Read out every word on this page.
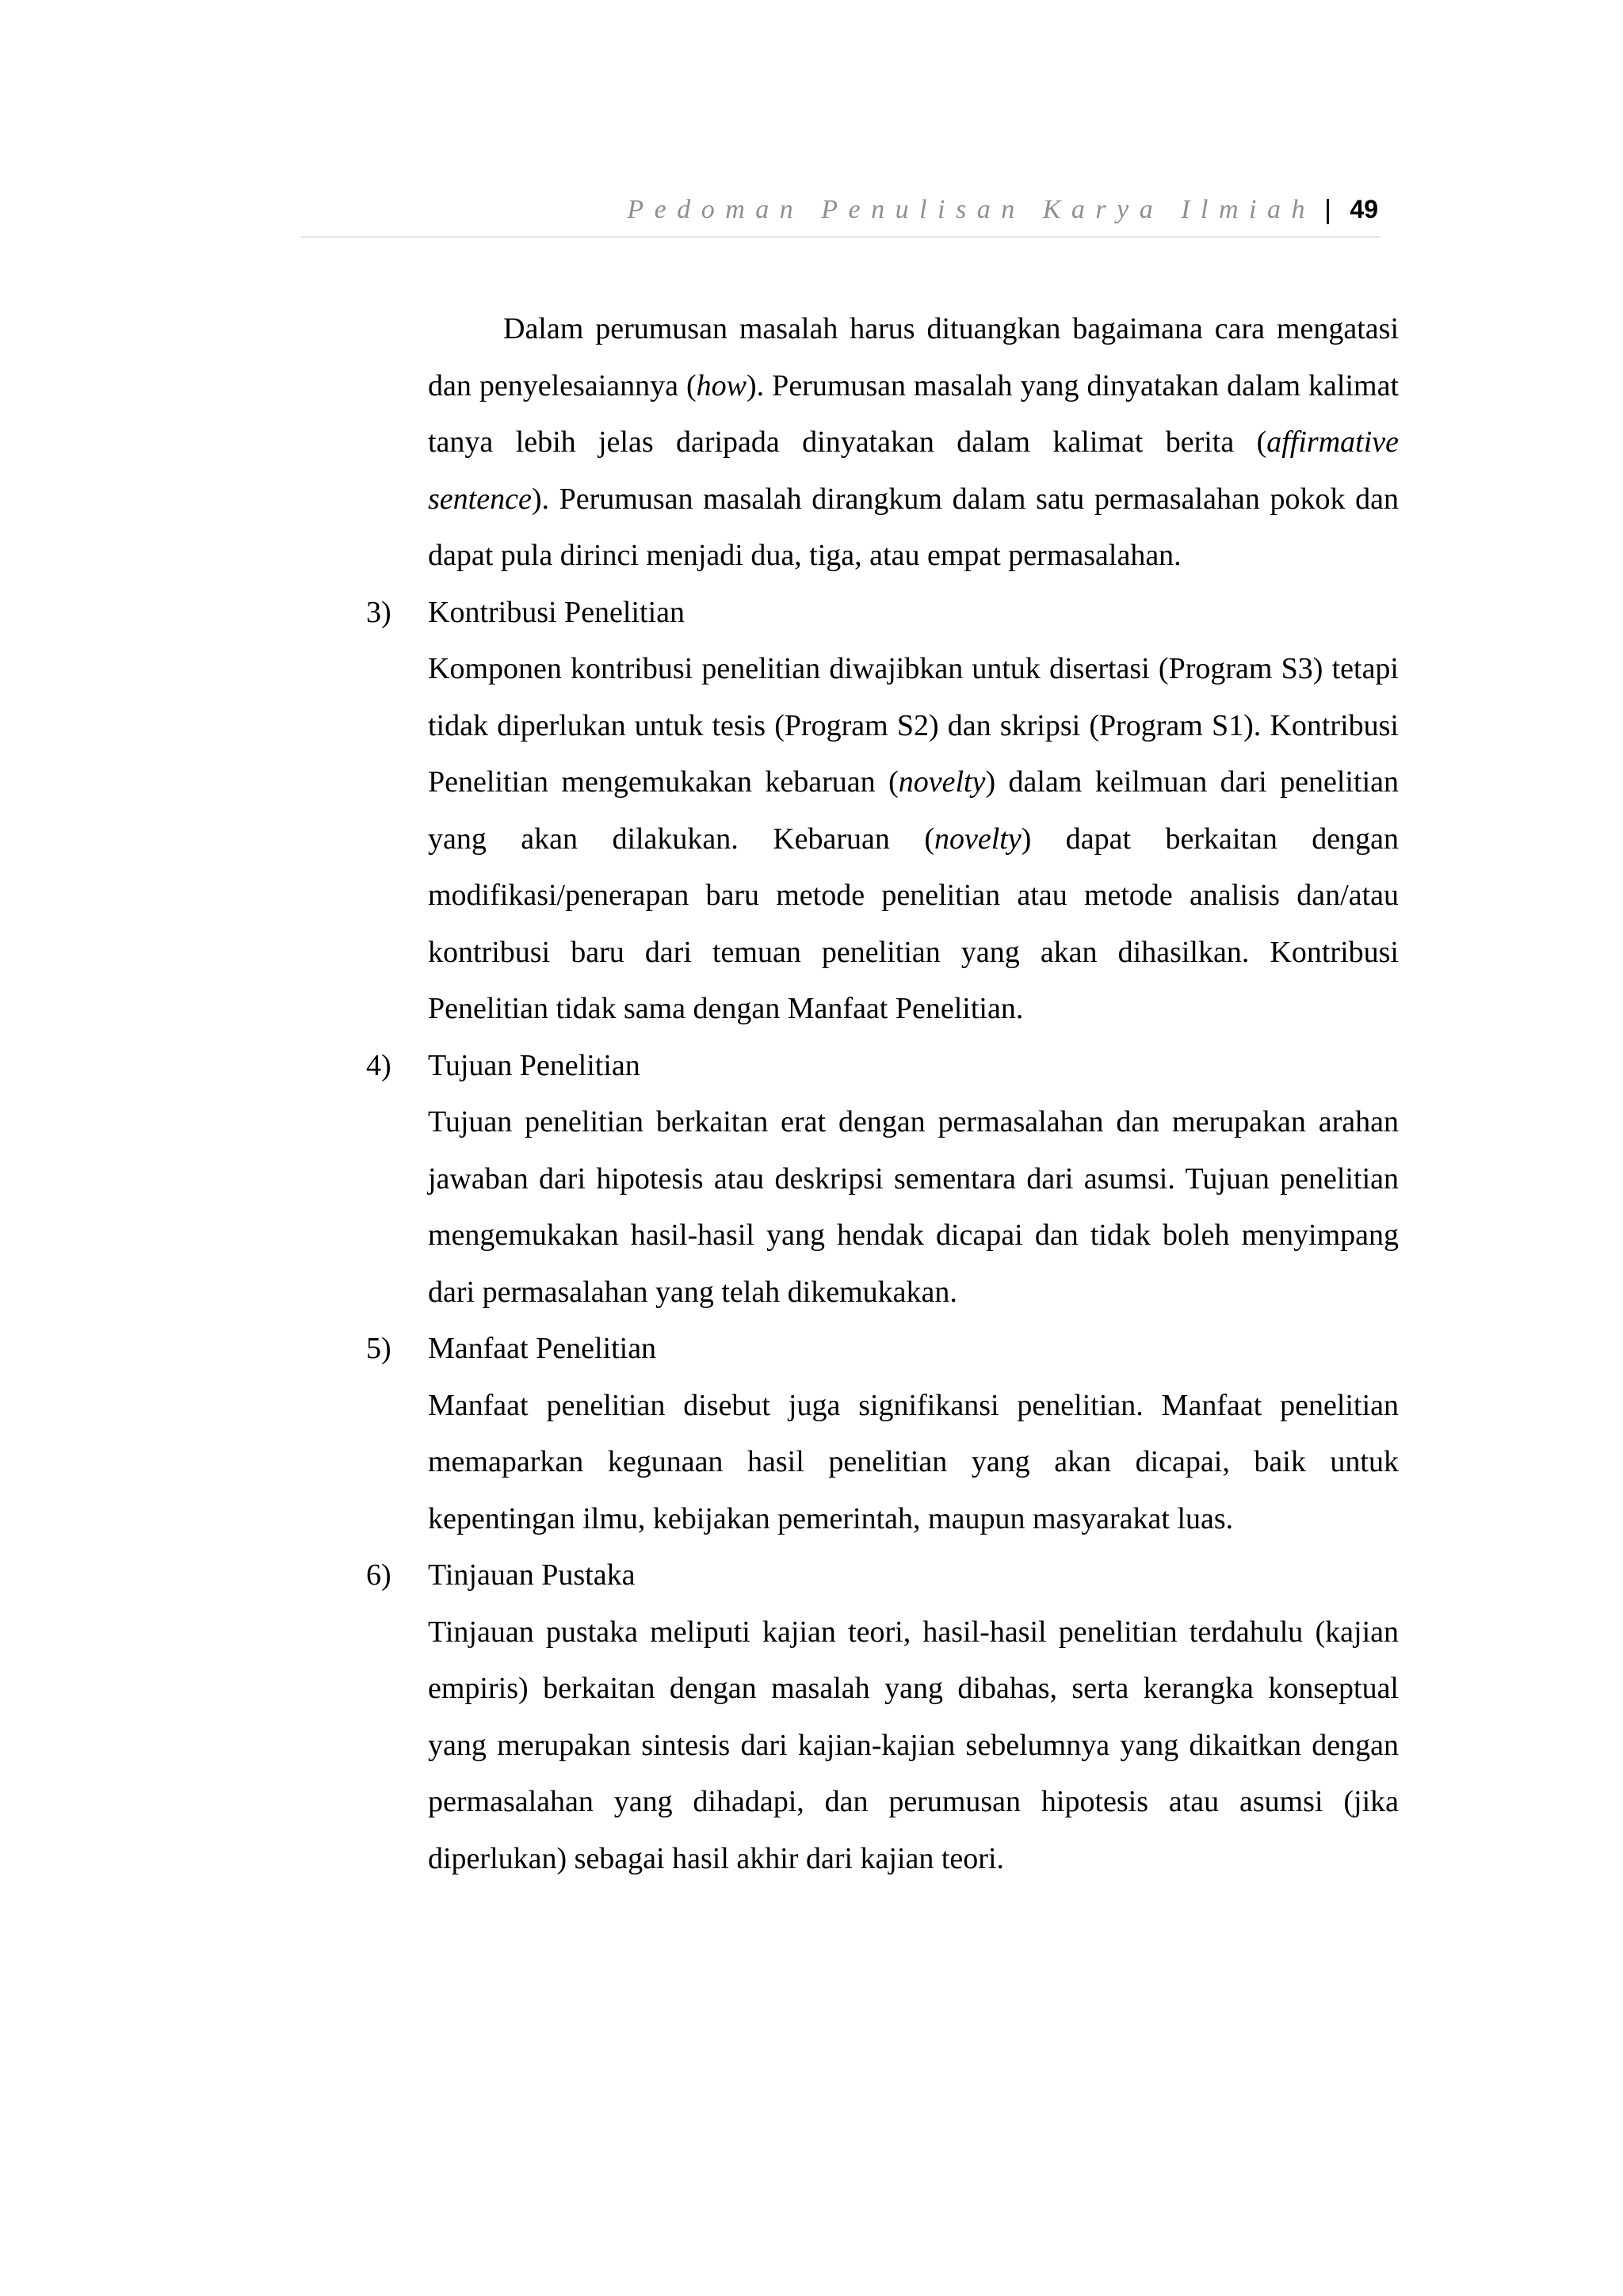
Pedoman Penulisan Karya Ilmiah | 49

Dalam perumusan masalah harus dituangkan bagaimana cara mengatasi dan penyelesaiannya (how). Perumusan masalah yang dinyatakan dalam kalimat tanya lebih jelas daripada dinyatakan dalam kalimat berita (affirmative sentence). Perumusan masalah dirangkum dalam satu permasalahan pokok dan dapat pula dirinci menjadi dua, tiga, atau empat permasalahan.

3) Kontribusi Penelitian

Komponen kontribusi penelitian diwajibkan untuk disertasi (Program S3) tetapi tidak diperlukan untuk tesis (Program S2) dan skripsi (Program S1). Kontribusi Penelitian mengemukakan kebaruan (novelty) dalam keilmuan dari penelitian yang akan dilakukan. Kebaruan (novelty) dapat berkaitan dengan modifikasi/penerapan baru metode penelitian atau metode analisis dan/atau kontribusi baru dari temuan penelitian yang akan dihasilkan. Kontribusi Penelitian tidak sama dengan Manfaat Penelitian.

4) Tujuan Penelitian

Tujuan penelitian berkaitan erat dengan permasalahan dan merupakan arahan jawaban dari hipotesis atau deskripsi sementara dari asumsi. Tujuan penelitian mengemukakan hasil-hasil yang hendak dicapai dan tidak boleh menyimpang dari permasalahan yang telah dikemukakan.

5) Manfaat Penelitian

Manfaat penelitian disebut juga signifikansi penelitian. Manfaat penelitian memaparkan kegunaan hasil penelitian yang akan dicapai, baik untuk kepentingan ilmu, kebijakan pemerintah, maupun masyarakat luas.

6) Tinjauan Pustaka

Tinjauan pustaka meliputi kajian teori, hasil-hasil penelitian terdahulu (kajian empiris) berkaitan dengan masalah yang dibahas, serta kerangka konseptual yang merupakan sintesis dari kajian-kajian sebelumnya yang dikaitkan dengan permasalahan yang dihadapi, dan perumusan hipotesis atau asumsi (jika diperlukan) sebagai hasil akhir dari kajian teori.
